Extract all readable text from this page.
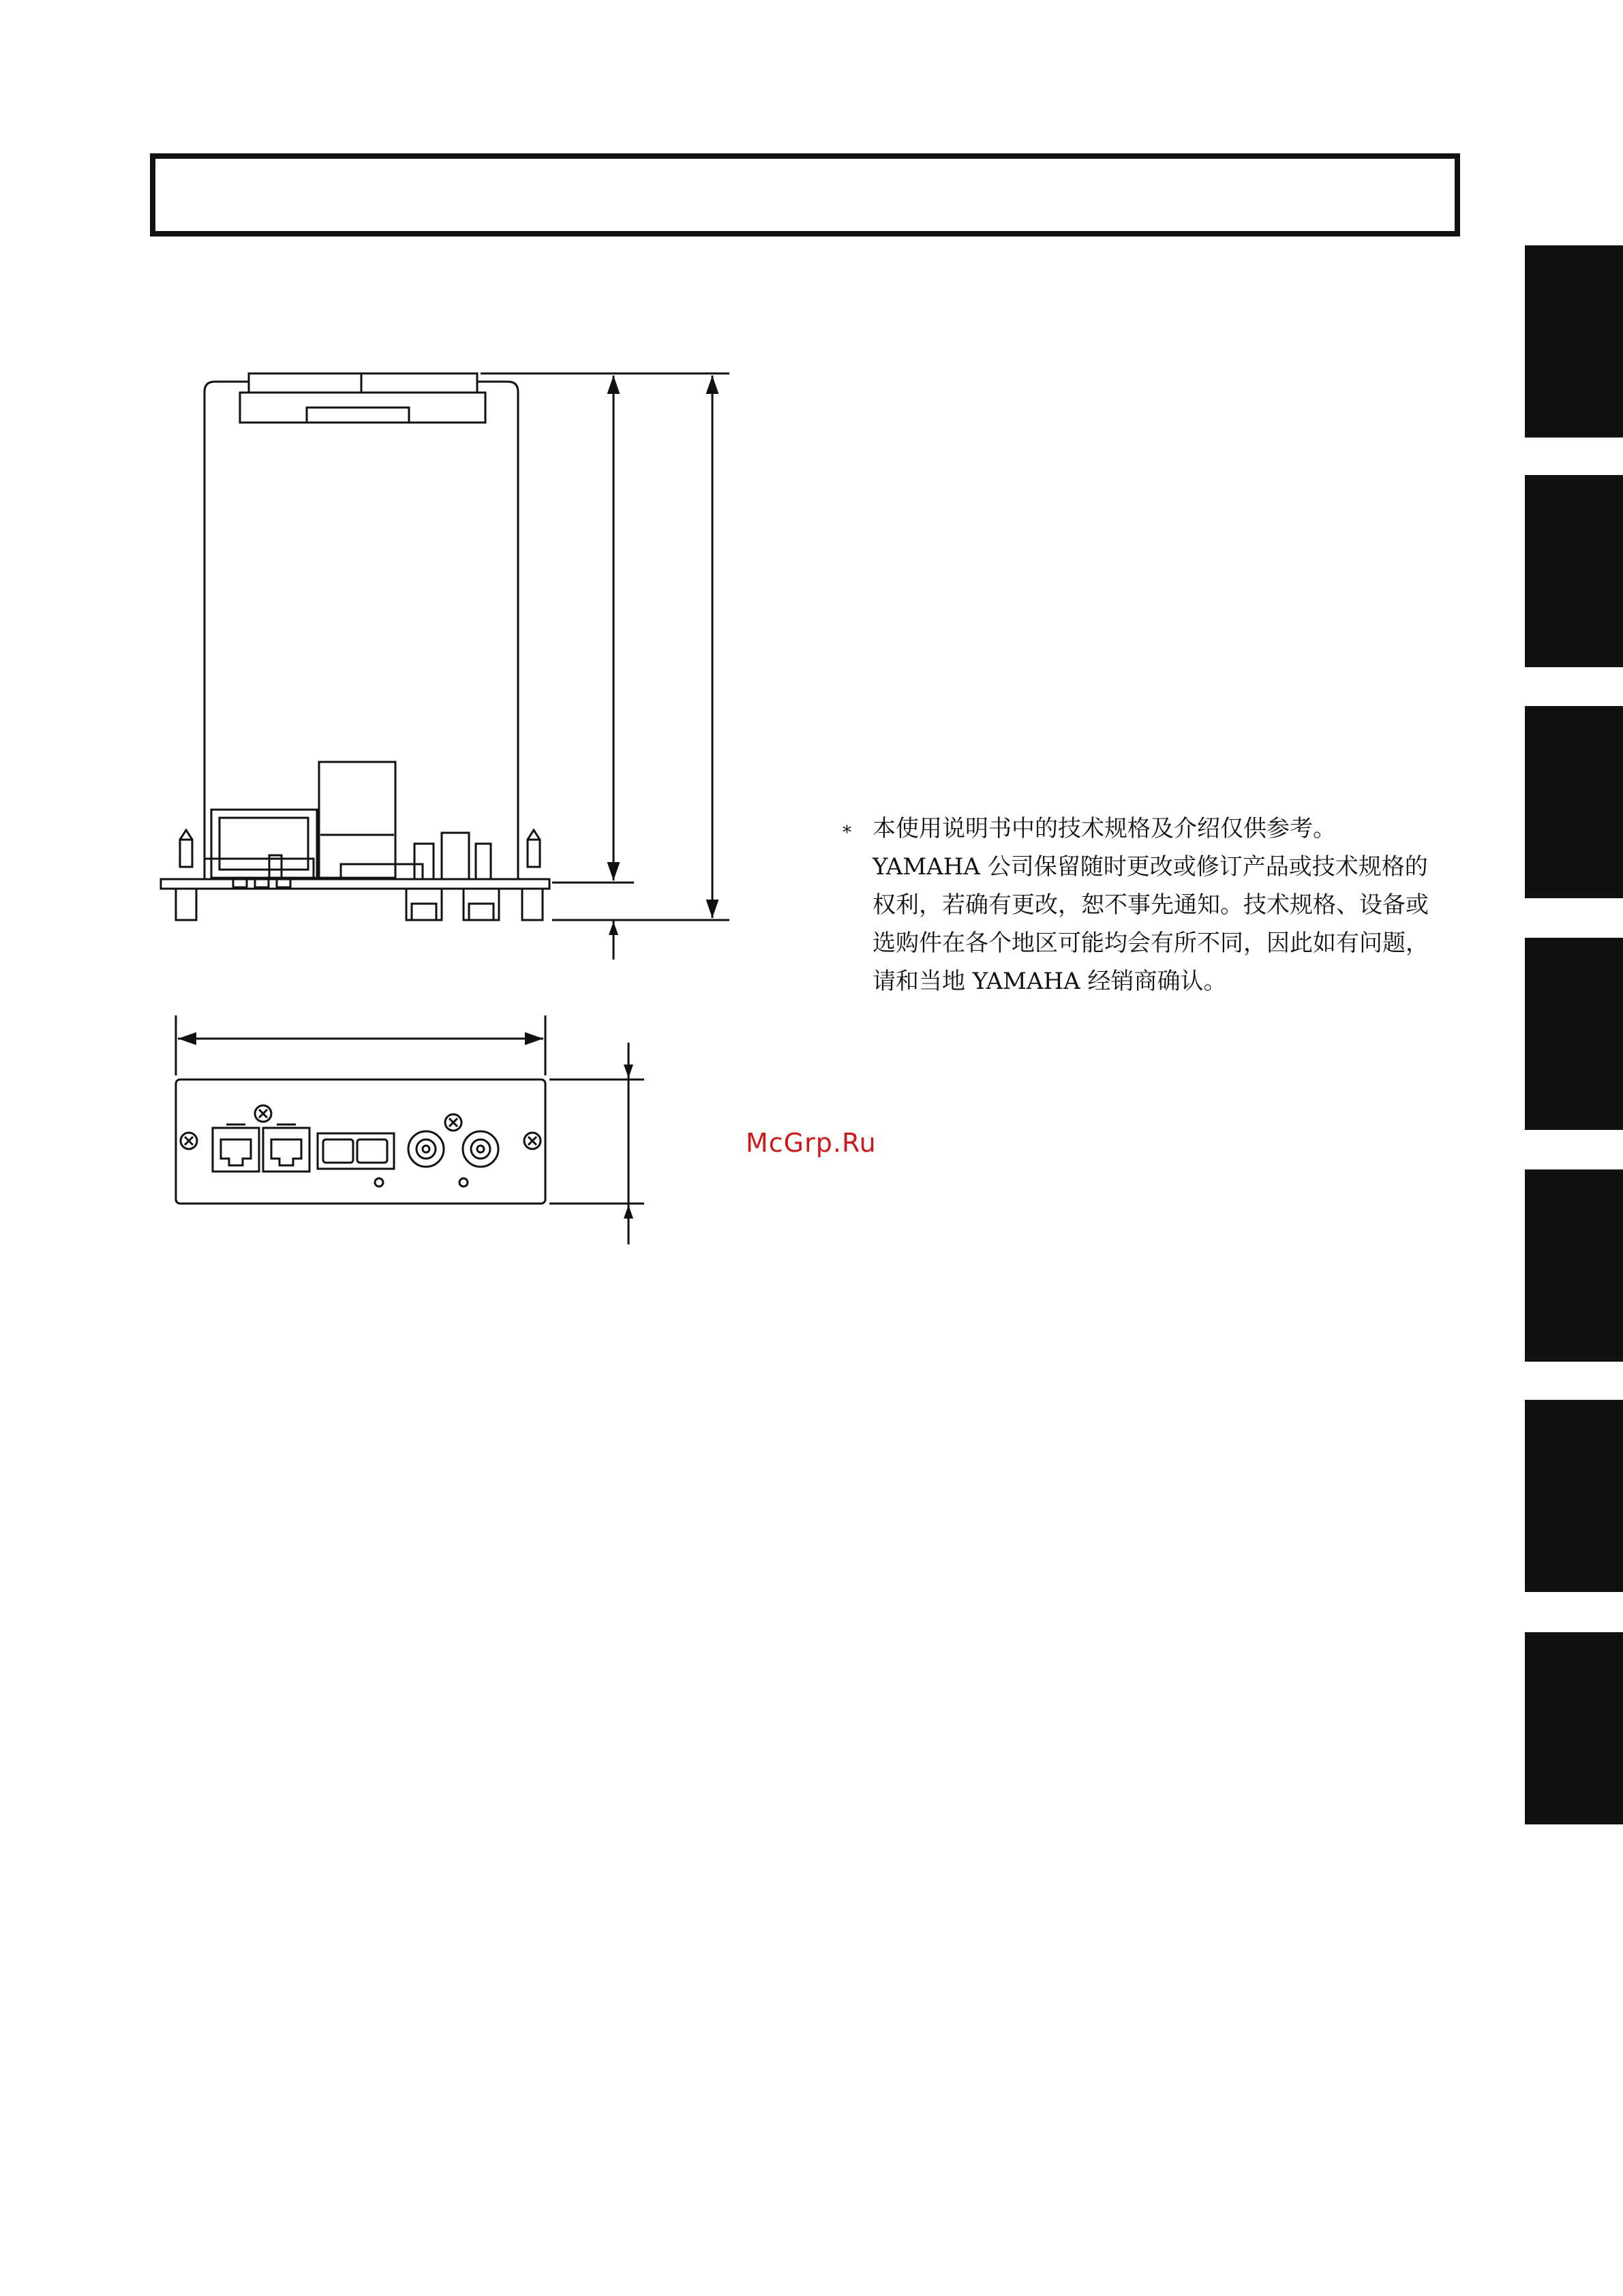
* 本使用说明书中的技术规格及介绍仅供参考。
YAMAHA 公司保留随时更改或修订产品或技术规格的
权利，若确有更改，恕不事先通知。技术规格、设备或
选购件在各个地区可能均会有所不同，因此如有问题，
请和当地 YAMAHA 经销商确认。
McGrp.Ru
